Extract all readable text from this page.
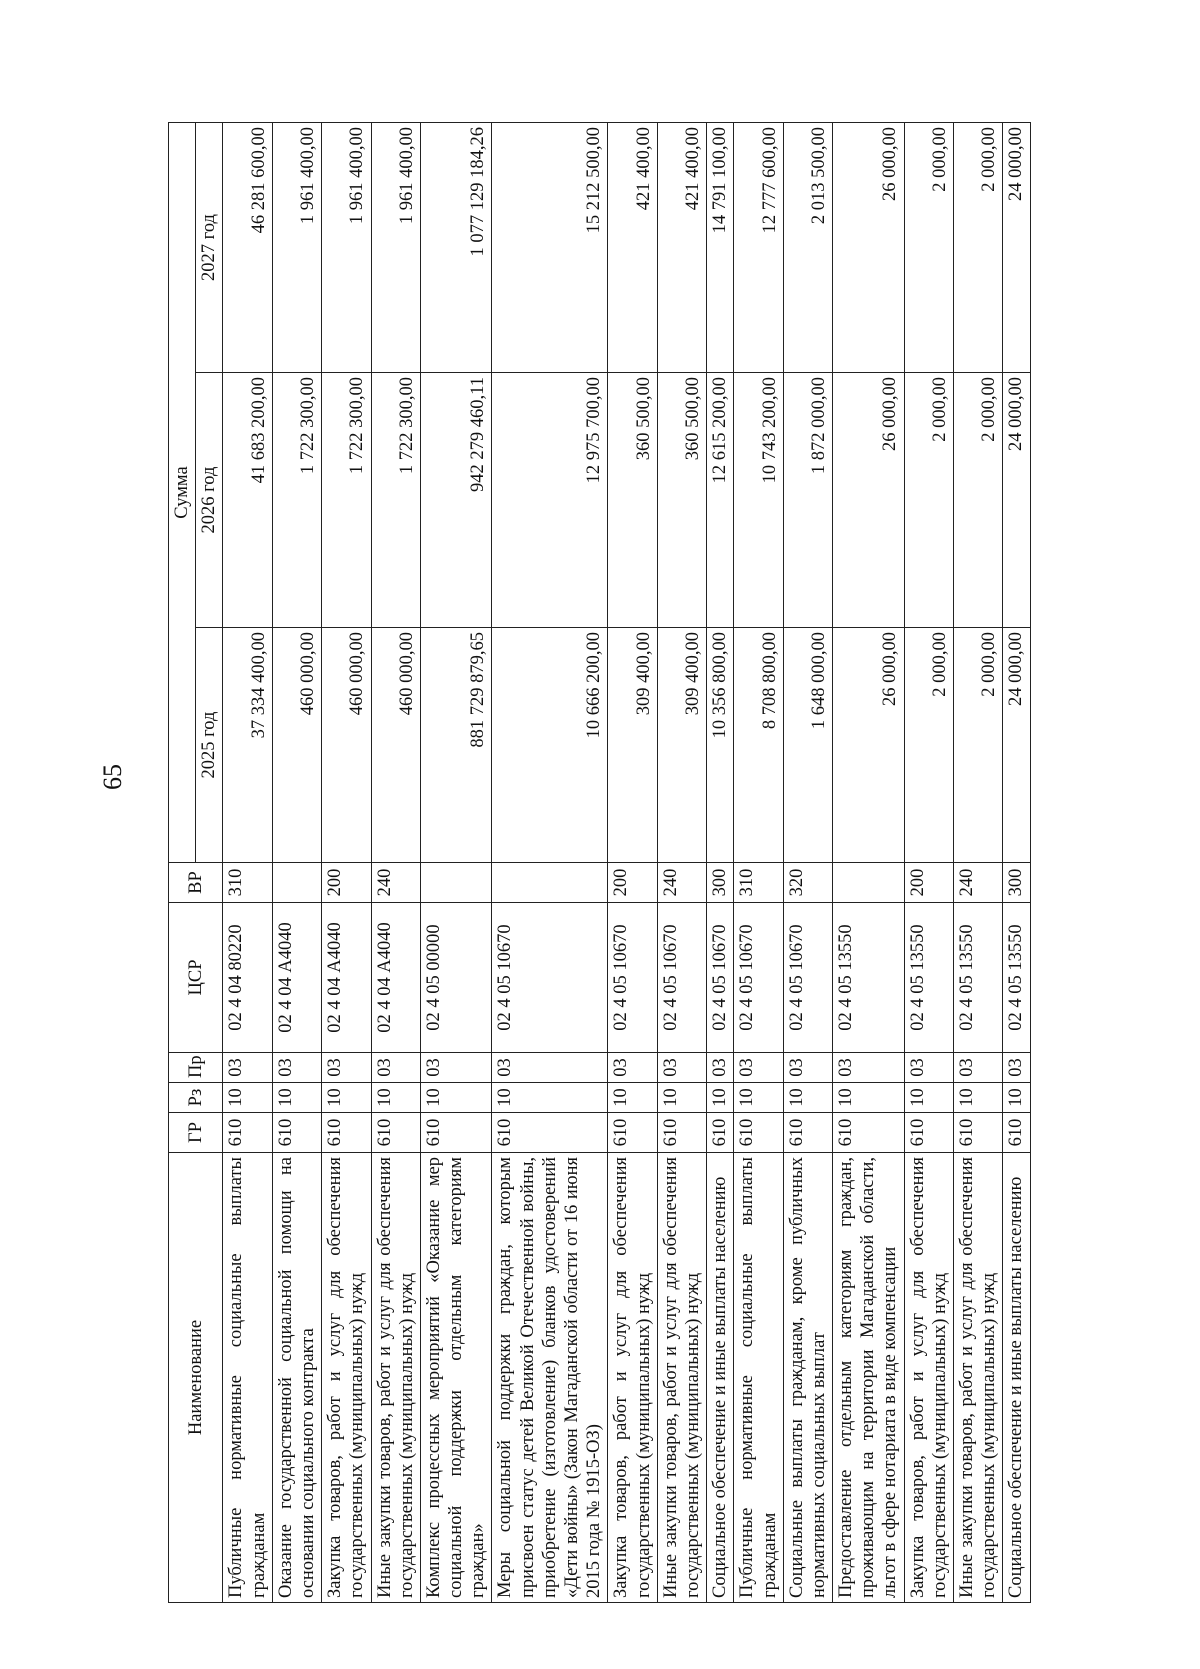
65
Наименование	ГР	Рз	Пр	ЦСР	ВР	Сумма		
						2025 год	2026 год	2027 год
Публичные нормативные социальные выплаты гражданам	610	10	03	02 4 04 80220	310	37 334 400,00	41 683 200,00	46 281 600,00
Оказание государственной социальной помощи на основании социального контракта	610	10	03	02 4 04 А4040		460 000,00	1 722 300,00	1 961 400,00
Закупка товаров, работ и услуг для обеспечения государственных (муниципальных) нужд	610	10	03	02 4 04 А4040	200	460 000,00	1 722 300,00	1 961 400,00
Иные закупки товаров, работ и услуг для обеспечения государственных (муниципальных) нужд	610	10	03	02 4 04 А4040	240	460 000,00	1 722 300,00	1 961 400,00
Комплекс процессных мероприятий «Оказание мер социальной поддержки отдельным категориям граждан»	610	10	03	02 4 05 00000		881 729 879,65	942 279 460,11	1 077 129 184,26
Меры социальной поддержки граждан, которым присвоен статус детей Великой Отечественной войны, приобретение (изготовление) бланков удостоверений «Дети войны» (Закон Магаданской области от 16 июня 2015 года № 1915-ОЗ)	610	10	03	02 4 05 10670		10 666 200,00	12 975 700,00	15 212 500,00
Закупка товаров, работ и услуг для обеспечения государственных (муниципальных) нужд	610	10	03	02 4 05 10670	200	309 400,00	360 500,00	421 400,00
Иные закупки товаров, работ и услуг для обеспечения государственных (муниципальных) нужд	610	10	03	02 4 05 10670	240	309 400,00	360 500,00	421 400,00
Социальное обеспечение и иные выплаты населению	610	10	03	02 4 05 10670	300	10 356 800,00	12 615 200,00	14 791 100,00
Публичные нормативные социальные выплаты гражданам	610	10	03	02 4 05 10670	310	8 708 800,00	10 743 200,00	12 777 600,00
Социальные выплаты гражданам, кроме публичных нормативных социальных выплат	610	10	03	02 4 05 10670	320	1 648 000,00	1 872 000,00	2 013 500,00
Предоставление отдельным категориям граждан, проживающим на территории Магаданской области, льгот в сфере нотариата в виде компенсации	610	10	03	02 4 05 13550		26 000,00	26 000,00	26 000,00
Закупка товаров, работ и услуг для обеспечения государственных (муниципальных) нужд	610	10	03	02 4 05 13550	200	2 000,00	2 000,00	2 000,00
Иные закупки товаров, работ и услуг для обеспечения государственных (муниципальных) нужд	610	10	03	02 4 05 13550	240	2 000,00	2 000,00	2 000,00
Социальное обеспечение и иные выплаты населению	610	10	03	02 4 05 13550	300	24 000,00	24 000,00	24 000,00
